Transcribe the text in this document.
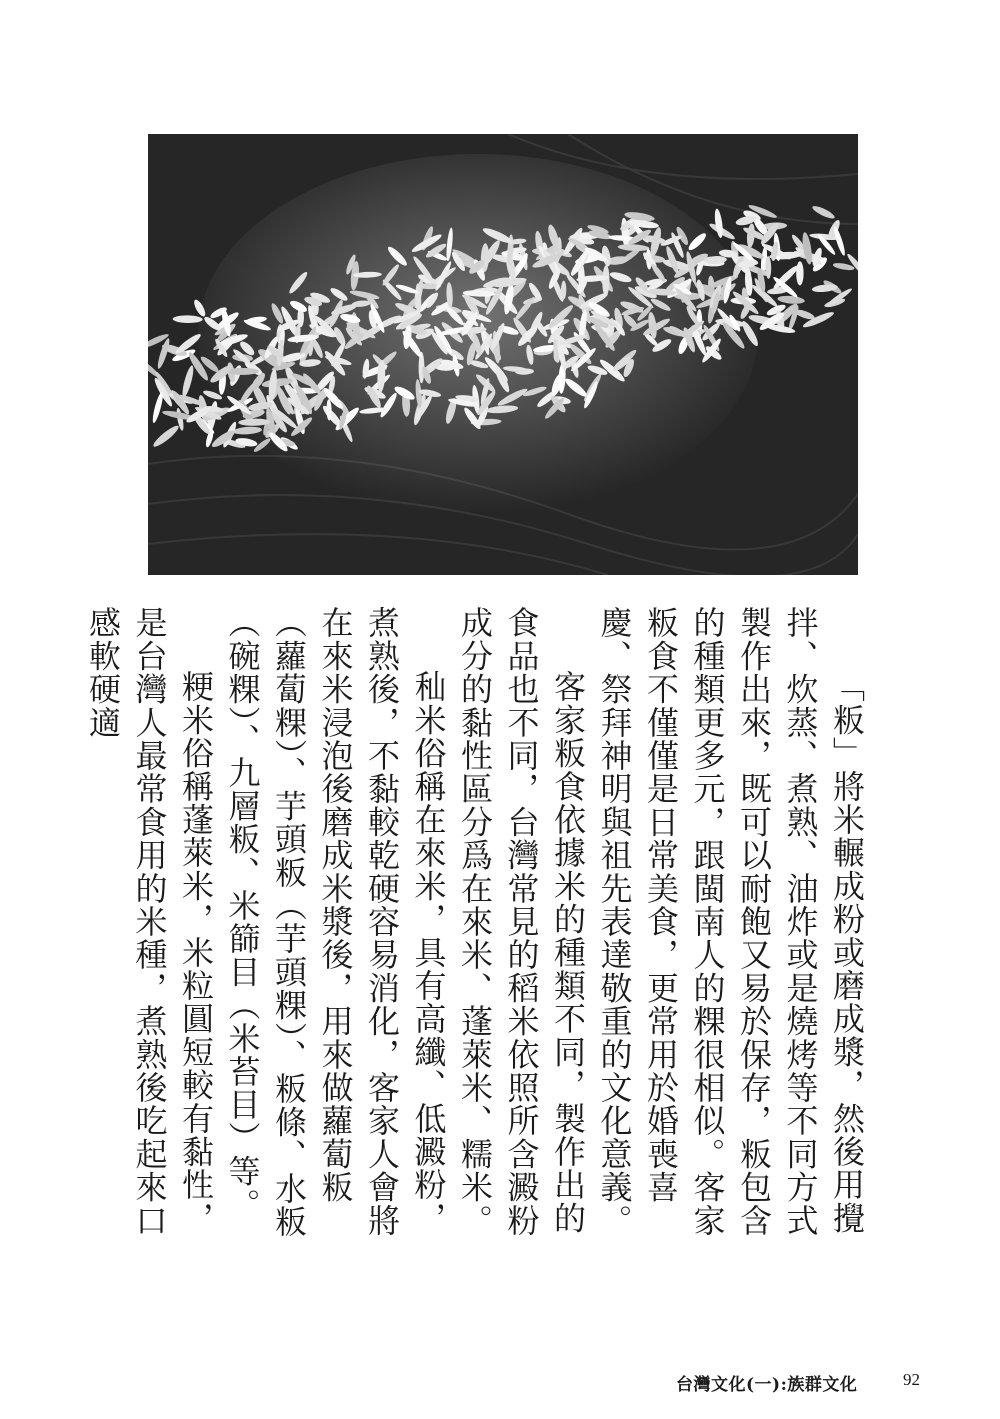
「粄」將米輾成粉或磨成漿，然後用攪拌、炊蒸、煮熟、油炸或是燒烤等不同方式製作出來，既可以耐飽又易於保存，粄包含的種類更多元，跟閩南人的粿很相似。客家粄食不僅僅是日常美食，更常用於婚喪喜慶、祭拜神明與祖先表達敬重的文化意義。

客家粄食依據米的種類不同，製作出的食品也不同，台灣常見的稻米依照所含澱粉成分的黏性區分爲在來米、蓬萊米、糯米。

秈米俗稱在來米，具有高纖、低澱粉，煮熟後，不黏較乾硬容易消化，客家人會將在來米浸泡後磨成米漿後，用來做蘿蔔粄（蘿蔔粿）、芋頭粄（芋頭粿）、粄條、水粄（碗粿）、九層粄、米篩目（米苔目）等。

粳米俗稱蓬萊米，米粒圓短較有黏性，是台灣人最常食用的米種，煮熟後吃起來口感軟硬適

台灣文化(一):族群文化	92
